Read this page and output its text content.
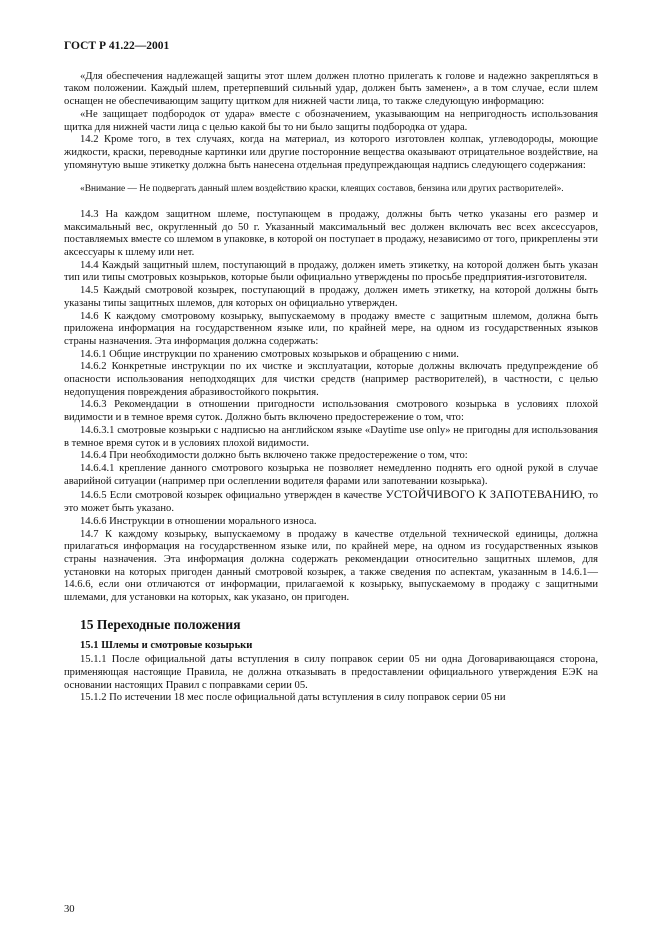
ГОСТ Р 41.22—2001

«Для обеспечения надлежащей защиты этот шлем должен плотно прилегать к голове и надежно закрепляться в таком положении. Каждый шлем, претерпевший сильный удар, должен быть заменен», а в том случае, если шлем оснащен не обеспечивающим защиту щитком для нижней части лица, то также следующую информацию:

«Не защищает подбородок от удара» вместе с обозначением, указывающим на непригодность использования щитка для нижней части лица с целью какой бы то ни было защиты подбородка от удара.

14.2 Кроме того, в тех случаях, когда на материал, из которого изготовлен колпак, углеводороды, моющие жидкости, краски, переводные картинки или другие посторонние вещества оказывают отрицательное воздействие, на упомянутую выше этикетку должна быть нанесена отдельная предупреждающая надпись следующего содержания:

«Внимание — Не подвергать данный шлем воздействию краски, клеящих составов, бензина или других растворителей».

14.3 На каждом защитном шлеме, поступающем в продажу, должны быть четко указаны его размер и максимальный вес, округленный до 50 г. Указанный максимальный вес должен включать вес всех аксессуаров, поставляемых вместе со шлемом в упаковке, в которой он поступает в продажу, независимо от того, прикреплены эти аксессуары к шлему или нет.

14.4 Каждый защитный шлем, поступающий в продажу, должен иметь этикетку, на которой должен быть указан тип или типы смотровых козырьков, которые были официально утверждены по просьбе предприятия-изготовителя.

14.5 Каждый смотровой козырек, поступающий в продажу, должен иметь этикетку, на которой должны быть указаны типы защитных шлемов, для которых он официально утвержден.

14.6 К каждому смотровому козырьку, выпускаемому в продажу вместе с защитным шлемом, должна быть приложена информация на государственном языке или, по крайней мере, на одном из государственных языков страны назначения. Эта информация должна содержать:

14.6.1 Общие инструкции по хранению смотровых козырьков и обращению с ними.

14.6.2 Конкретные инструкции по их чистке и эксплуатации, которые должны включать предупреждение об опасности использования неподходящих для чистки средств (например растворителей), в частности, с целью недопущения повреждения абразивостойкого покрытия.

14.6.3 Рекомендации в отношении пригодности использования смотрового козырька в условиях плохой видимости и в темное время суток. Должно быть включено предостережение о том, что:

14.6.3.1 смотровые козырьки с надписью на английском языке «Daytime use only» не пригодны для использования в темное время суток и в условиях плохой видимости.

14.6.4 При необходимости должно быть включено также предостережение о том, что:

14.6.4.1 крепление данного смотрового козырька не позволяет немедленно поднять его одной рукой в случае аварийной ситуации (например при ослеплении водителя фарами или запотевании козырька).

14.6.5 Если смотровой козырек официально утвержден в качестве УСТОЙЧИВОГО К ЗАПОТЕВАНИЮ, то это может быть указано.

14.6.6 Инструкции в отношении морального износа.

14.7 К каждому козырьку, выпускаемому в продажу в качестве отдельной технической единицы, должна прилагаться информация на государственном языке или, по крайней мере, на одном из государственных языков страны назначения. Эта информация должна содержать рекомендации относительно защитных шлемов, для установки на которых пригоден данный смотровой козырек, а также сведения по аспектам, указанным в 14.6.1—14.6.6, если они отличаются от информации, прилагаемой к козырьку, выпускаемому в продажу с защитными шлемами, для установки на которых, как указано, он пригоден.

15 Переходные положения
15.1 Шлемы и смотровые козырьки

15.1.1 После официальной даты вступления в силу поправок серии 05 ни одна Договаривающаяся сторона, применяющая настоящие Правила, не должна отказывать в предоставлении официального утверждения ЕЭК на основании настоящих Правил с поправками серии 05.

15.1.2 По истечении 18 мес после официальной даты вступления в силу поправок серии 05 ни

30
